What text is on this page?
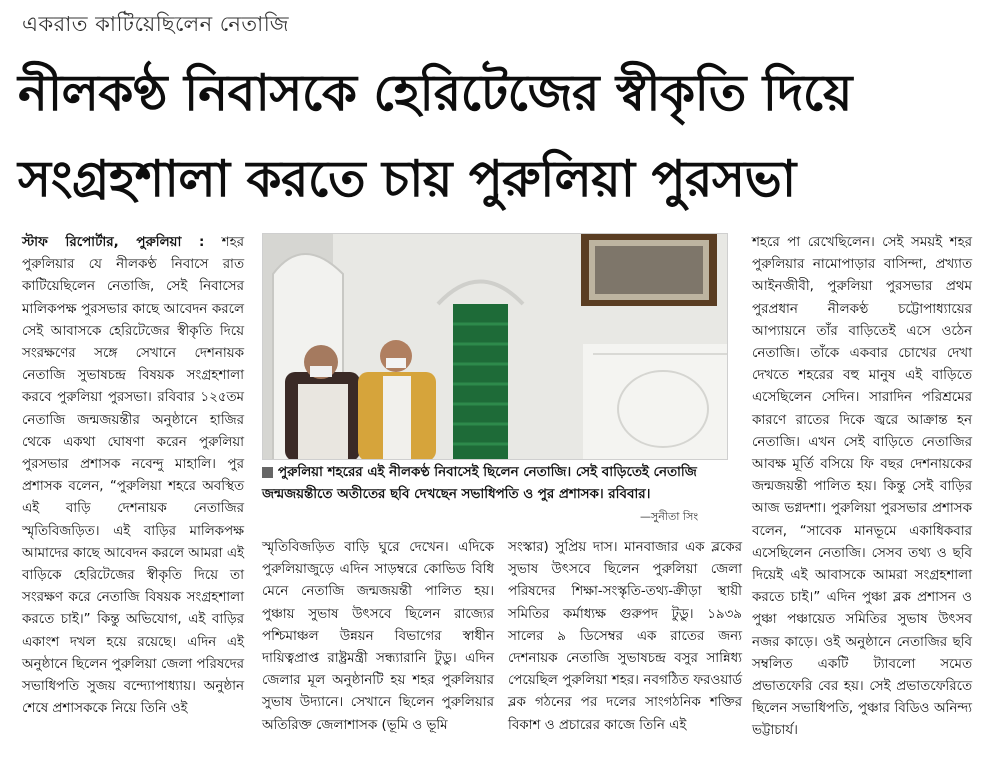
একরাত কাটিয়েছিলেন নেতাজি
নীলকণ্ঠ নিবাসকে হেরিটেজের স্বীকৃতি দিয়ে
সংগ্রহশালা করতে চায় পুরুলিয়া পুরসভা

স্টাফ রিপোর্টার, পুরুলিয়া : শহর পুরুলিয়ার যে নীলকণ্ঠ নিবাসে রাত কাটিয়েছিলেন নেতাজি, সেই নিবাসের মালিকপক্ষ পুরসভার কাছে আবেদন করলে সেই আবাসকে হেরিটেজের স্বীকৃতি দিয়ে সংরক্ষণের সঙ্গে সেখানে দেশনায়ক নেতাজি সুভাষচন্দ্র বিষয়ক সংগ্রহশালা করবে পুরুলিয়া পুরসভা। রবিবার ১২৫তম নেতাজি জন্মজয়ন্তীর অনুষ্ঠানে হাজির থেকে একথা ঘোষণা করেন পুরুলিয়া পুরসভার প্রশাসক নবেন্দু মাহালি। পুর প্রশাসক বলেন, “পুরুলিয়া শহরে অবস্থিত এই বাড়ি দেশনায়ক নেতাজির স্মৃতিবিজড়িত। এই বাড়ির মালিকপক্ষ আমাদের কাছে আবেদন করলে আমরা এই বাড়িকে হেরিটেজের স্বীকৃতি দিয়ে তা সংরক্ষণ করে নেতাজি বিষয়ক সংগ্রহশালা করতে চাই।” কিন্তু অভিযোগ, এই বাড়ির একাংশ দখল হয়ে রয়েছে। এদিন এই অনুষ্ঠানে ছিলেন পুরুলিয়া জেলা পরিষদের সভাধিপতি সুজয় বন্দ্যোপাধ্যায়। অনুষ্ঠান শেষে প্রশাসককে নিয়ে তিনি ওই

পুরুলিয়া শহরের এই নীলকণ্ঠ নিবাসেই ছিলেন নেতাজি। সেই বাড়িতেই নেতাজি জন্মজয়ন্তীতে অতীতের ছবি দেখছেন সভাধিপতি ও পুর প্রশাসক। রবিবার।
—সুনীতা সিং

স্মৃতিবিজড়িত বাড়ি ঘুরে দেখেন। এদিকে পুরুলিয়াজুড়ে এদিন সাড়ম্বরে কোভিড বিধি মেনে নেতাজি জন্মজয়ন্তী পালিত হয়। পুঞ্চায় সুভাষ উৎসবে ছিলেন রাজ্যের পশ্চিমাঞ্চল উন্নয়ন বিভাগের স্বাধীন দায়িত্বপ্রাপ্ত রাষ্ট্রমন্ত্রী সন্ধ্যারানি টুডু। এদিন জেলার মূল অনুষ্ঠানটি হয় শহর পুরুলিয়ার সুভাষ উদ্যানে। সেখানে ছিলেন পুরুলিয়ার অতিরিক্ত জেলাশাসক (ভূমি ও ভূমি

সংস্কার) সুপ্রিয় দাস। মানবাজার এক ব্লকের সুভাষ উৎসবে ছিলেন পুরুলিয়া জেলা পরিষদের শিক্ষা-সংস্কৃতি-তথ্য-ক্রীড়া স্থায়ী সমিতির কর্মাধ্যক্ষ গুরুপদ টুডু। ১৯৩৯ সালের ৯ ডিসেম্বর এক রাতের জন্য দেশনায়ক নেতাজি সুভাষচন্দ্র বসুর সান্নিধ্য পেয়েছিল পুরুলিয়া শহর। নবগঠিত ফরওয়ার্ড ব্লক গঠনের পর দলের সাংগঠনিক শক্তির বিকাশ ও প্রচারের কাজে তিনি এই

শহরে পা রেখেছিলেন। সেই সময়ই শহর পুরুলিয়ার নামোপাড়ার বাসিন্দা, প্রখ্যাত আইনজীবী, পুরুলিয়া পুরসভার প্রথম পুরপ্রধান নীলকণ্ঠ চট্টোপাধ্যায়ের আপ্যায়নে তাঁর বাড়িতেই এসে ওঠেন নেতাজি। তাঁকে একবার চোখের দেখা দেখতে শহরের বহু মানুষ এই বাড়িতে এসেছিলেন সেদিন। সারাদিন পরিশ্রমের কারণে রাতের দিকে জ্বরে আক্রান্ত হন নেতাজি। এখন সেই বাড়িতে নেতাজির আবক্ষ মূর্তি বসিয়ে ফি বছর দেশনায়কের জন্মজয়ন্তী পালিত হয়। কিন্তু সেই বাড়ির আজ ভগ্নদশা। পুরুলিয়া পুরসভার প্রশাসক বলেন, “সাবেক মানভূমে একাধিকবার এসেছিলেন নেতাজি। সেসব তথ্য ও ছবি দিয়েই এই আবাসকে আমরা সংগ্রহশালা করতে চাই।” এদিন পুঞ্চা ব্লক প্রশাসন ও পুঞ্চা পঞ্চায়েত সমিতির সুভাষ উৎসব নজর কাড়ে। ওই অনুষ্ঠানে নেতাজির ছবি সম্বলিত একটি ট্যাবলো সমেত প্রভাতফেরি বের হয়। সেই প্রভাতফেরিতে ছিলেন সভাধিপতি, পুঞ্চার বিডিও অনিন্দ্য ভট্টাচার্য।
